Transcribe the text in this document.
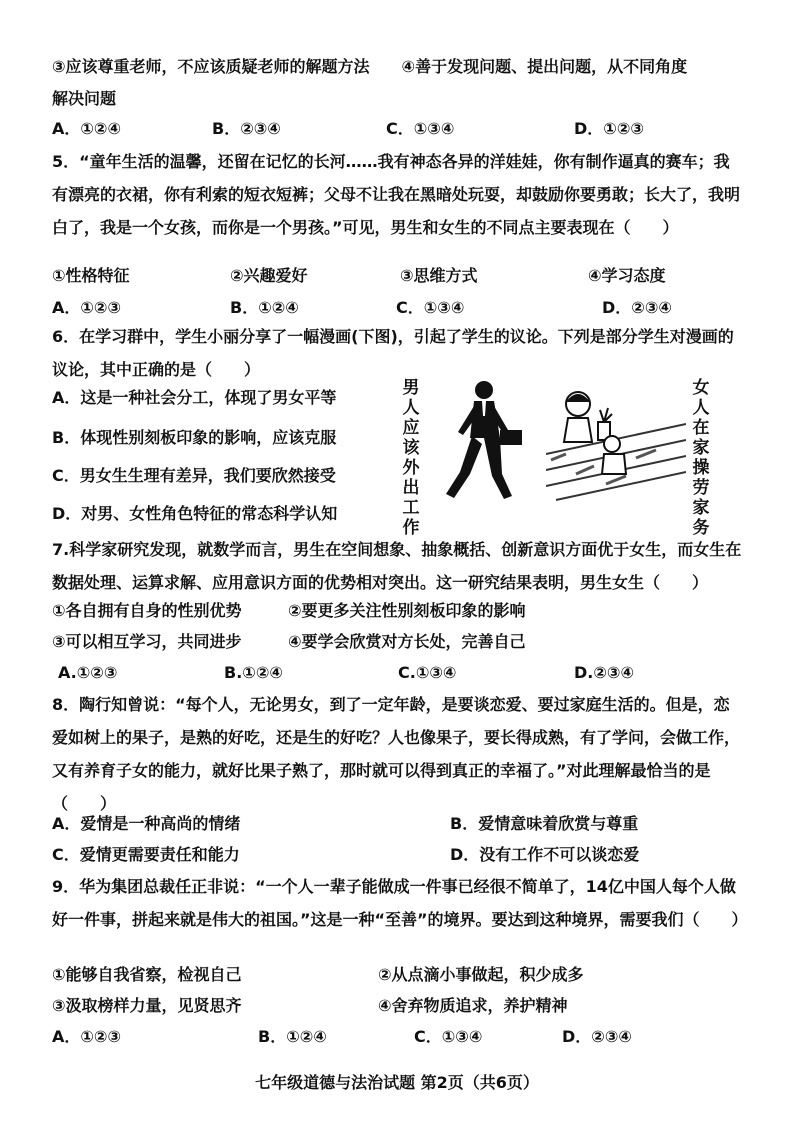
③应该尊重老师，不应该质疑老师的解题方法　　④善于发现问题、提出问题，从不同角度
解决问题
A．①②④	B．②③④	C．①③④	D．①②③
5．“童年生活的温馨，还留在记忆的长河……我有神态各异的洋娃娃，你有制作逼真的赛车；我有漂亮的衣裙，你有利索的短衣短裤；父母不让我在黑暗处玩耍，却鼓励你要勇敢；长大了，我明白了，我是一个女孩，而你是一个男孩。”可见，男生和女生的不同点主要表现在（　　）
①性格特征	②兴趣爱好	③思维方式	④学习态度
A．①②③	B．①②④	C．①③④	D．②③④
6．在学习群中，学生小丽分享了一幅漫画(下图)，引起了学生的议论。下列是部分学生对漫画的议论，其中正确的是（　　）
A．这是一种社会分工，体现了男女平等
B．体现性别刻板印象的影响，应该克服
C．男女生生理有差异，我们要欣然接受
D．对男、女性角色特征的常态科学认知
男人应该外出工作
女人在家操劳家务
7.科学家研究发现，就数学而言，男生在空间想象、抽象概括、创新意识方面优于女生，而女生在数据处理、运算求解、应用意识方面的优势相对突出。这一研究结果表明，男生女生（　　）
①各自拥有自身的性别优势	②要更多关注性别刻板印象的影响
③可以相互学习，共同进步	④要学会欣赏对方长处，完善自己
A.①②③	B.①②④	C.①③④	D.②③④
8．陶行知曾说：“每个人，无论男女，到了一定年龄，是要谈恋爱、要过家庭生活的。但是，恋爱如树上的果子，是熟的好吃，还是生的好吃？人也像果子，要长得成熟，有了学问，会做工作，又有养育子女的能力，就好比果子熟了，那时就可以得到真正的幸福了。”对此理解最恰当的是（　　）
A．爱情是一种高尚的情绪	B．爱情意味着欣赏与尊重
C．爱情更需要责任和能力	D．没有工作不可以谈恋爱
9．华为集团总裁任正非说：“一个人一辈子能做成一件事已经很不简单了，14亿中国人每个人做好一件事，拼起来就是伟大的祖国。”这是一种“至善”的境界。要达到这种境界，需要我们（　　）
①能够自我省察，检视自己	②从点滴小事做起，积少成多
③汲取榜样力量，见贤思齐	④舍弃物质追求，养护精神
A．①②③	B．①②④	C．①③④	D．②③④
七年级道德与法治试题 第2页（共6页）
